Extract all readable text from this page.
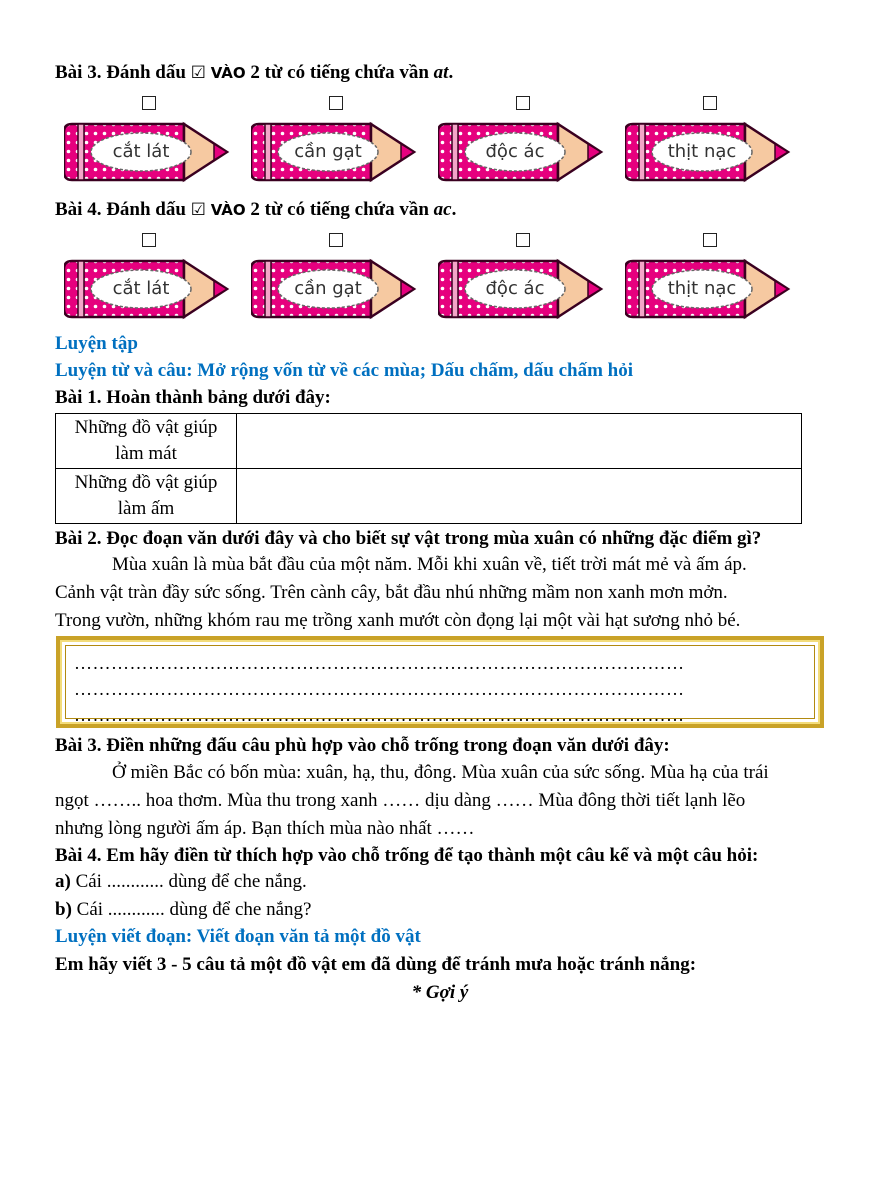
Bài 3. Đánh dấu ☑ VÀO 2 từ có tiếng chứa vần at.
cắt lát	cần gạt	độc ác	thịt nạc
Bài 4. Đánh dấu ☑ VÀO 2 từ có tiếng chứa vần ac.
cắt lát	cần gạt	độc ác	thịt nạc
Luyện tập
Luyện từ và câu: Mở rộng vốn từ về các mùa; Dấu chấm, dấu chấm hỏi
Bài 1. Hoàn thành bảng dưới đây:
Những đồ vật giúp
làm mát	

Những đồ vật giúp
làm ấm	

Bài 2. Đọc đoạn văn dưới đây và cho biết sự vật trong mùa xuân có những đặc điểm gì?
Mùa xuân là mùa bắt đầu của một năm. Mỗi khi xuân về, tiết trời mát mẻ và ấm áp.
Cảnh vật tràn đầy sức sống. Trên cành cây, bắt đầu nhú những mầm non xanh mơn mởn.
Trong vườn, những khóm rau mẹ trồng xanh mướt còn đọng lại một vài hạt sương nhỏ bé.
………………………………………………………………………………………
………………………………………………………………………………………
………………………………………………………………………………………
Bài 3. Điền những đấu câu phù hợp vào chỗ trống trong đoạn văn dưới đây:
Ở miền Bắc có bốn mùa: xuân, hạ, thu, đông. Mùa xuân của sức sống. Mùa hạ của trái
ngọt …….. hoa thơm. Mùa thu trong xanh …… dịu dàng …… Mùa đông thời tiết lạnh lẽo
nhưng lòng người ấm áp. Bạn thích mùa nào nhất ……
Bài 4. Em hãy điền từ thích hợp vào chỗ trống để tạo thành một câu kể và một câu hỏi:
a) Cái ............ dùng để che nắng.
b) Cái ............ dùng để che nắng?
Luyện viết đoạn: Viết đoạn văn tả một đồ vật
Em hãy viết 3 - 5 câu tả một đồ vật em đã dùng để tránh mưa hoặc tránh nắng:
* Gợi ý
